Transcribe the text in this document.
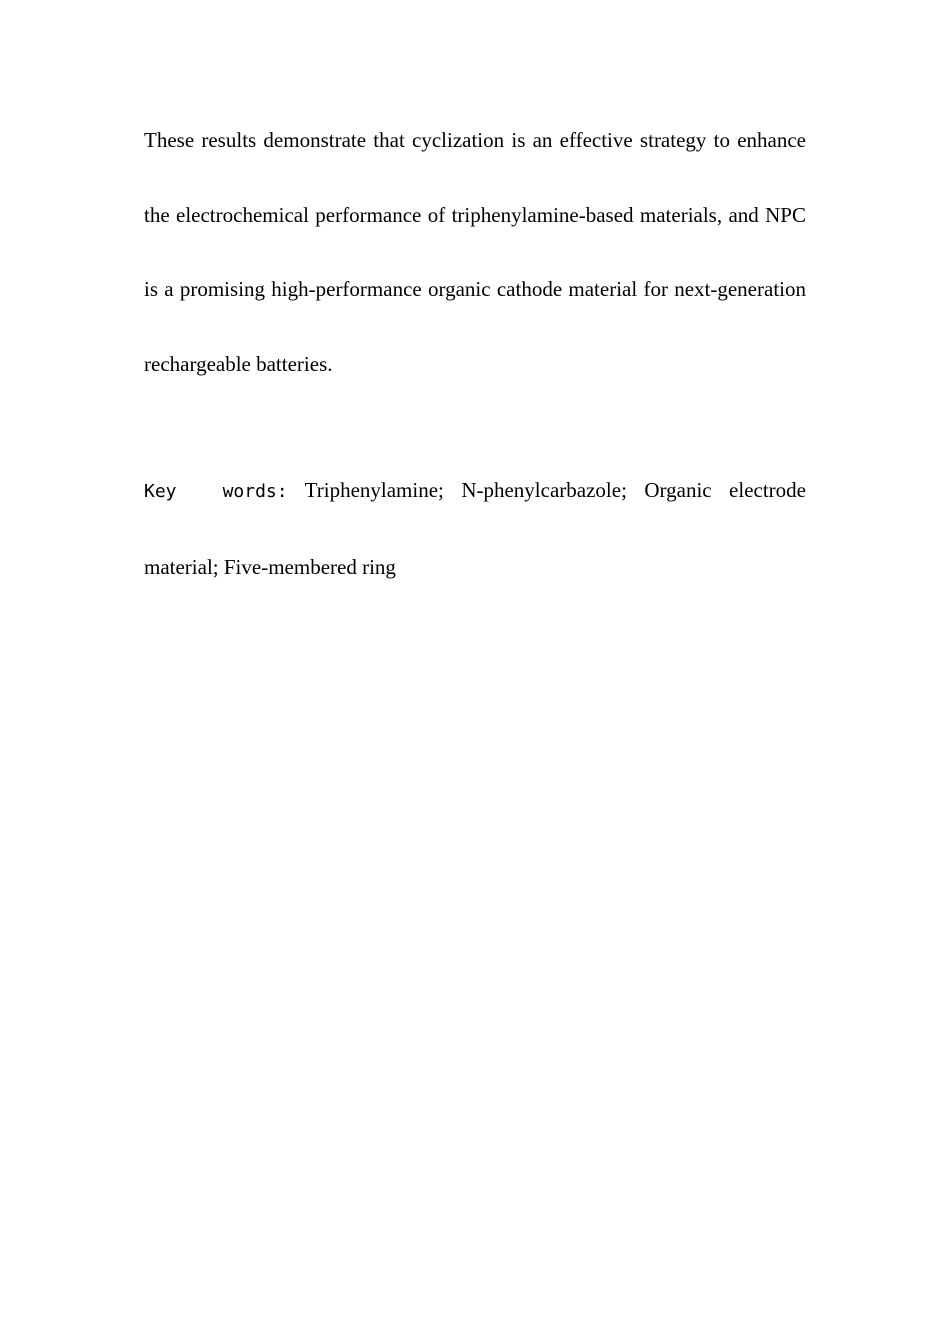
These results demonstrate that cyclization is an effective strategy to enhance the electrochemical performance of triphenylamine-based materials, and NPC is a promising high-performance organic cathode material for next-generation rechargeable batteries.

Key  words: Triphenylamine; N-phenylcarbazole; Organic electrode material; Five-membered ring
